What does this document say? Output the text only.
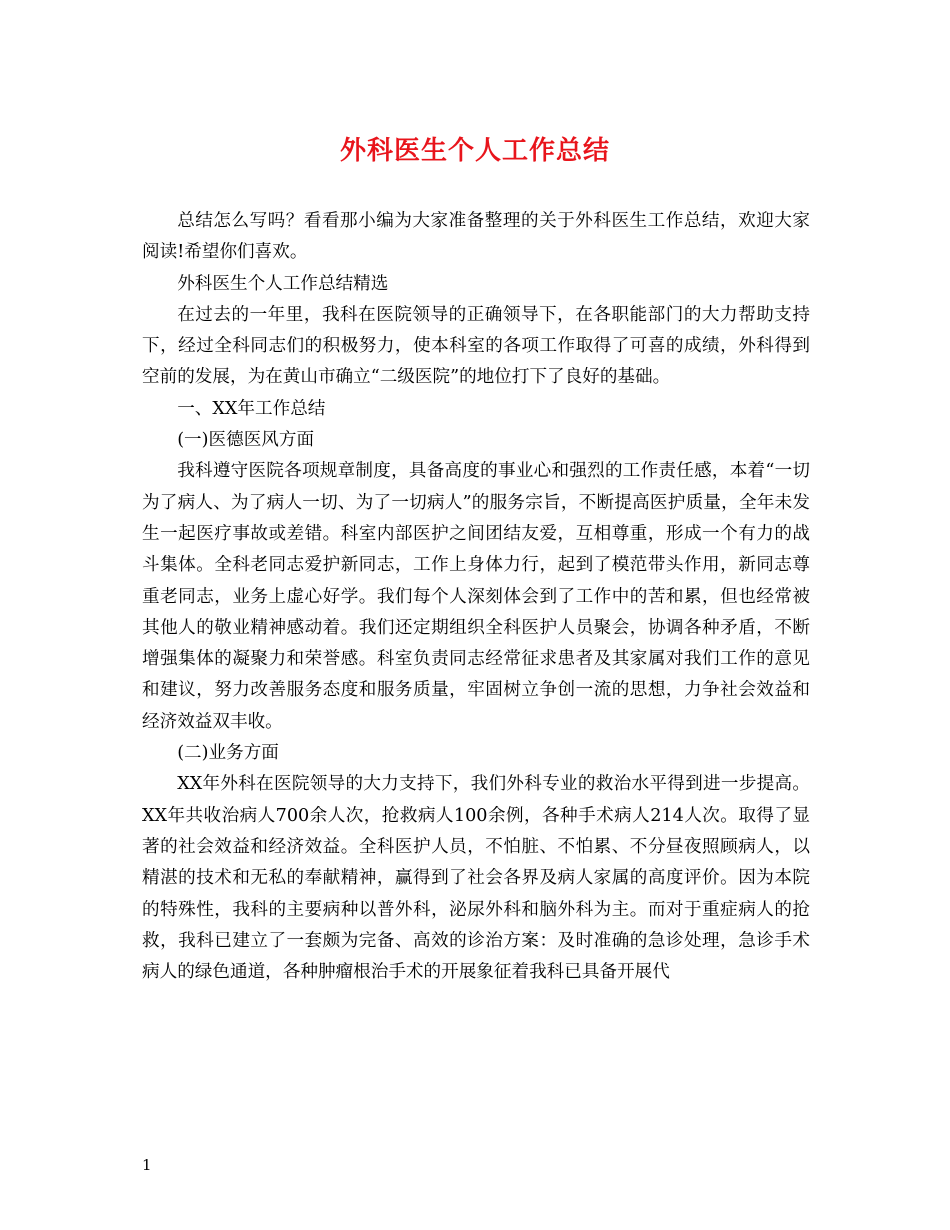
外科医生个人工作总结

总结怎么写吗？看看那小编为大家准备整理的关于外科医生工作总结，欢迎大家阅读!希望你们喜欢。

外科医生个人工作总结精选

在过去的一年里，我科在医院领导的正确领导下，在各职能部门的大力帮助支持下，经过全科同志们的积极努力，使本科室的各项工作取得了可喜的成绩，外科得到空前的发展，为在黄山市确立“二级医院”的地位打下了良好的基础。

一、XX年工作总结

(一)医德医风方面

我科遵守医院各项规章制度，具备高度的事业心和强烈的工作责任感，本着“一切为了病人、为了病人一切、为了一切病人”的服务宗旨，不断提高医护质量，全年未发生一起医疗事故或差错。科室内部医护之间团结友爱，互相尊重，形成一个有力的战斗集体。全科老同志爱护新同志，工作上身体力行，起到了模范带头作用，新同志尊重老同志，业务上虚心好学。我们每个人深刻体会到了工作中的苦和累，但也经常被其他人的敬业精神感动着。我们还定期组织全科医护人员聚会，协调各种矛盾，不断增强集体的凝聚力和荣誉感。科室负责同志经常征求患者及其家属对我们工作的意见和建议，努力改善服务态度和服务质量，牢固树立争创一流的思想，力争社会效益和经济效益双丰收。

(二)业务方面

XX年外科在医院领导的大力支持下，我们外科专业的救治水平得到进一步提高。XX年共收治病人700余人次，抢救病人100余例，各种手术病人214人次。取得了显著的社会效益和经济效益。全科医护人员，不怕脏、不怕累、不分昼夜照顾病人，以精湛的技术和无私的奉献精神，赢得到了社会各界及病人家属的高度评价。因为本院的特殊性，我科的主要病种以普外科，泌尿外科和脑外科为主。而对于重症病人的抢救，我科已建立了一套颇为完备、高效的诊治方案：及时准确的急诊处理，急诊手术病人的绿色通道，各种肿瘤根治手术的开展象征着我科已具备开展代

1
